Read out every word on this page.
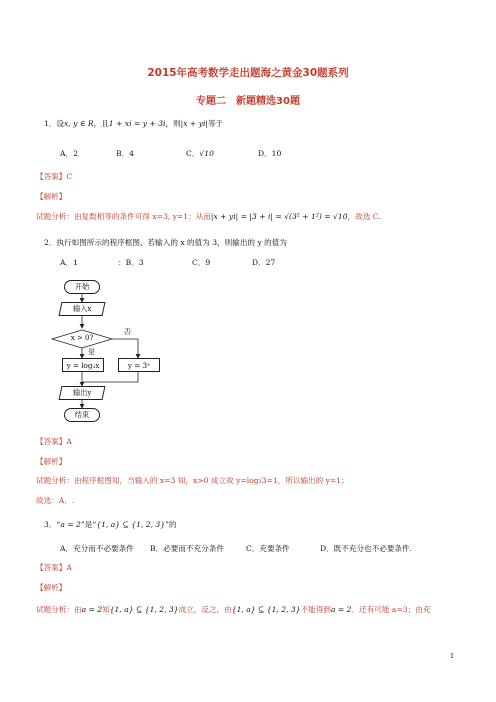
2015年高考数学走出题海之黄金30题系列
专题二　新题精选30题
1．设x, y ∈ R，且1 + xi = y + 3i，则|x + yi|等于
A．2	B．4	C．√10	D．10
【答案】C
【解析】
试题分析：由复数相等的条件可得 x=3, y=1；从而|x + yi| = |3 + i| = √(3² + 1²) = √10，故选 C.
2．执行如图所示的程序框图，若输入的 x 的值为 3，则输出的 y 的值为
A．1	：B．3	C．9	D．27
开始
输入x
x > 0?
否
是
y = log₃x	y = 3ˣ
输出y
结束
【答案】A
【解析】
试题分析：由程序框图知，当输入的 x=3 知，x>0 成立故 y=log₃3=1，所以输出的 y=1；
故选：A．.
3．“a = 2”是“{1, a} ⊆ {1, 2, 3}”的
A．充分而不必要条件 B．必要而不充分条件	C．充要条件	D．既不充分也不必要条件.
【答案】A
【解析】
试题分析：由a = 2知{1, a} ⊆ {1, 2, 3}成立，反之，由{1, a} ⊆ {1, 2, 3}不能得到a = 2．还有可能 a=3；由充
1
